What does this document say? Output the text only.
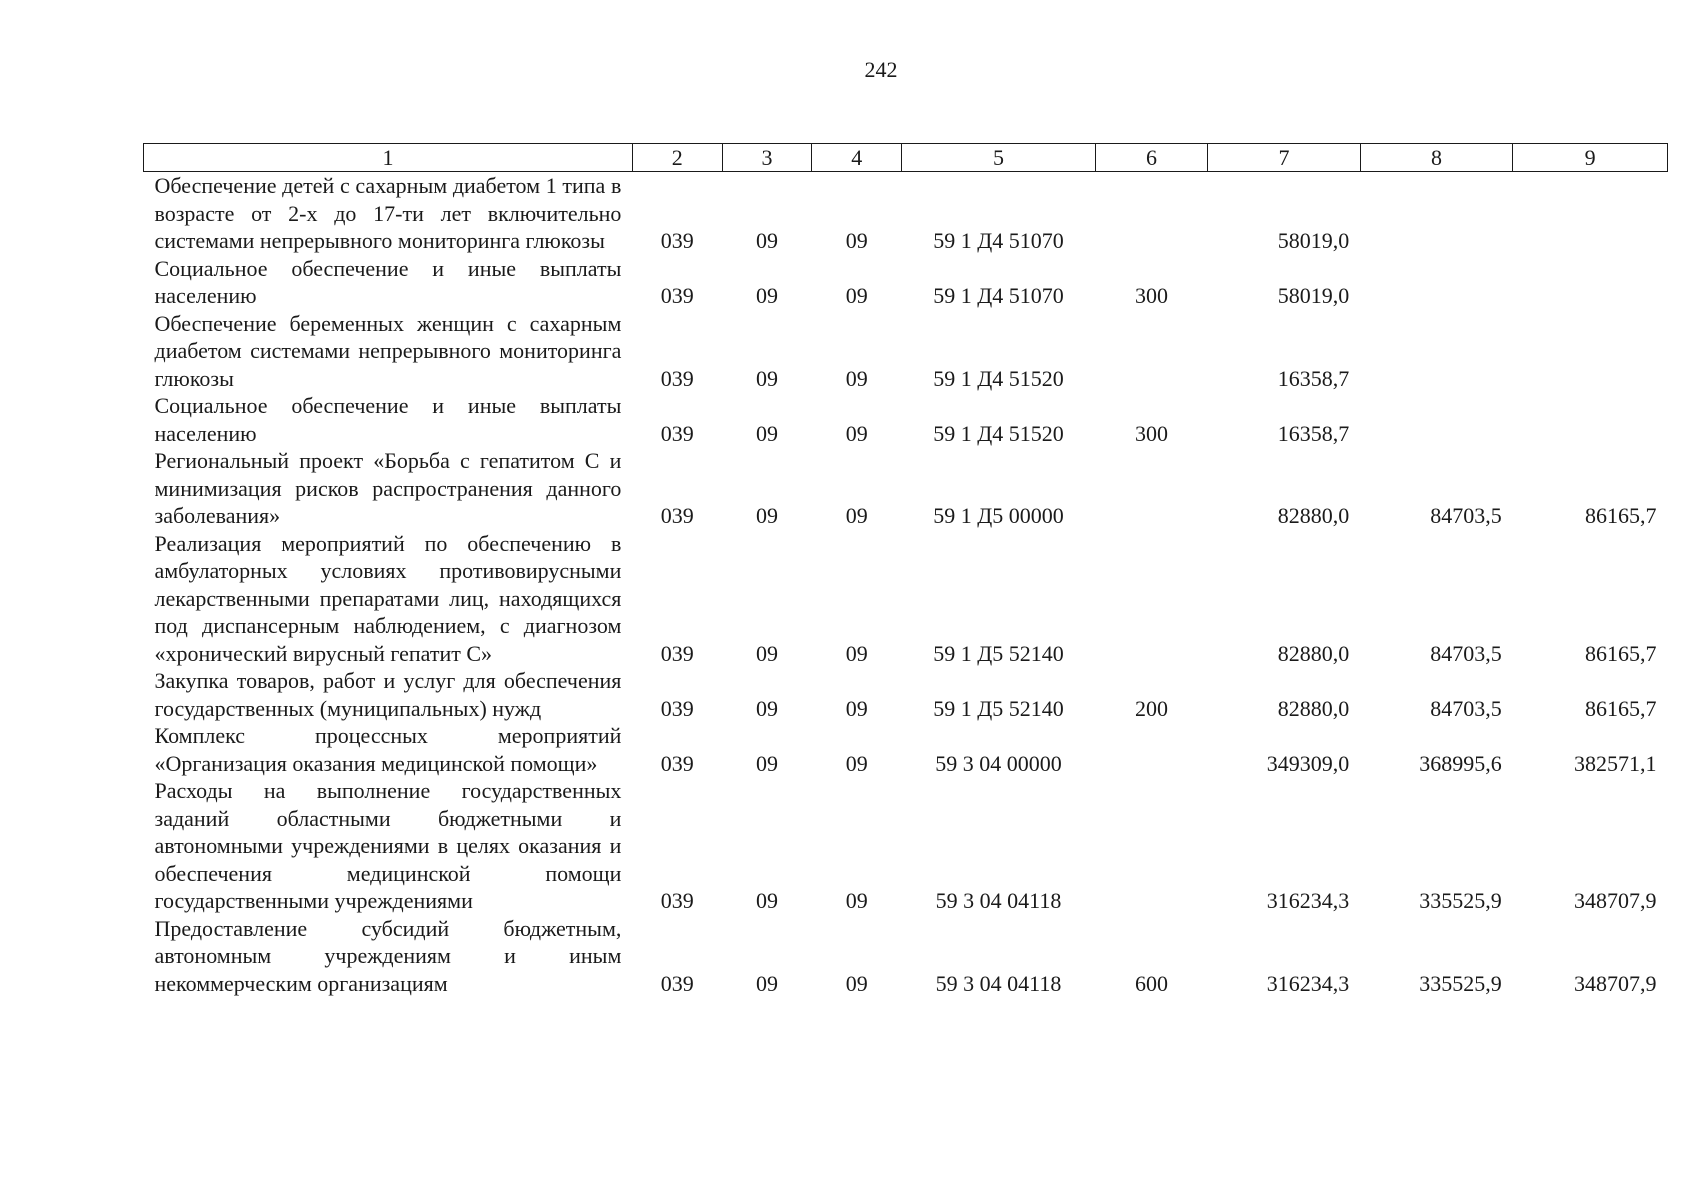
242
1	2	3	4	5	6	7	8	9
Обеспечение детей с сахарным диабетом 1 типа в возрасте от 2-х до 17-ти лет включительно системами непрерывного мониторинга глюкозы	039	09	09	59 1 Д4 51070		58019,0		
Социальное обеспечение и иные выплаты населению	039	09	09	59 1 Д4 51070	300	58019,0		
Обеспечение беременных женщин с сахарным диабетом системами непрерывного мониторинга глюкозы	039	09	09	59 1 Д4 51520		16358,7		
Социальное обеспечение и иные выплаты населению	039	09	09	59 1 Д4 51520	300	16358,7		
Региональный проект «Борьба с гепатитом С и минимизация рисков распространения данного заболевания»	039	09	09	59 1 Д5 00000		82880,0	84703,5	86165,7
Реализация мероприятий по обеспечению в амбулаторных условиях противовирусными лекарственными препаратами лиц, находящихся под диспансерным наблюдением, с диагнозом «хронический вирусный гепатит С»	039	09	09	59 1 Д5 52140		82880,0	84703,5	86165,7
Закупка товаров, работ и услуг для обеспечения государственных (муниципальных) нужд	039	09	09	59 1 Д5 52140	200	82880,0	84703,5	86165,7
Комплекс процессных мероприятий «Организация оказания медицинской помощи»	039	09	09	59 3 04 00000		349309,0	368995,6	382571,1
Расходы на выполнение государственных заданий областными бюджетными и автономными учреждениями в целях оказания и обеспечения медицинской помощи государственными учреждениями	039	09	09	59 3 04 04118		316234,3	335525,9	348707,9
Предоставление субсидий бюджетным, автономным учреждениям и иным некоммерческим организациям	039	09	09	59 3 04 04118	600	316234,3	335525,9	348707,9
